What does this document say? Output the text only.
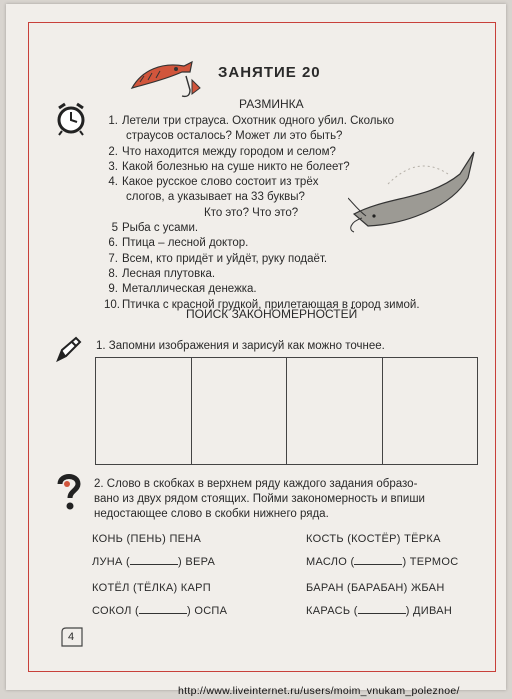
ЗАНЯТИЕ 20
РАЗМИНКА
1. Летели три страуса. Охотник одного убил. Сколько
страусов осталось? Может ли это быть?
2. Что находится между городом и селом?
3. Какой болезнью на суше никто не болеет?
4. Какое русское слово состоит из трёх
слогов, а указывает на 33 буквы?
Кто это? Что это?
5 Рыба с усами.
6. Птица – лесной доктор.
7. Всем, кто придёт и уйдёт, руку подаёт.
8. Лесная плутовка.
9. Металлическая денежка.
10. Птичка с красной грудкой, прилетающая в город зимой.
ПОИСК ЗАКОНОМЕРНОСТЕЙ
1. Запомни изображения и зарисуй как можно точнее.
2. Слово в скобках в верхнем ряду каждого задания образо-
вано из двух рядом стоящих. Пойми закономерность и впиши
недостающее слово в скобки нижнего ряда.
КОНЬ (ПЕНЬ) ПЕНА
ЛУНА (	) ВЕРА
КОСТЬ (КОСТЁР) ТЁРКА
МАСЛО (	) ТЕРМОС
КОТЁЛ (ТЁЛКА) КАРП
СОКОЛ (	) ОСПА
БАРАН (БАРАБАН) ЖБАН
КАРАСЬ (	) ДИВАН
4
http://www.liveinternet.ru/users/moim_vnukam_poleznoe/
